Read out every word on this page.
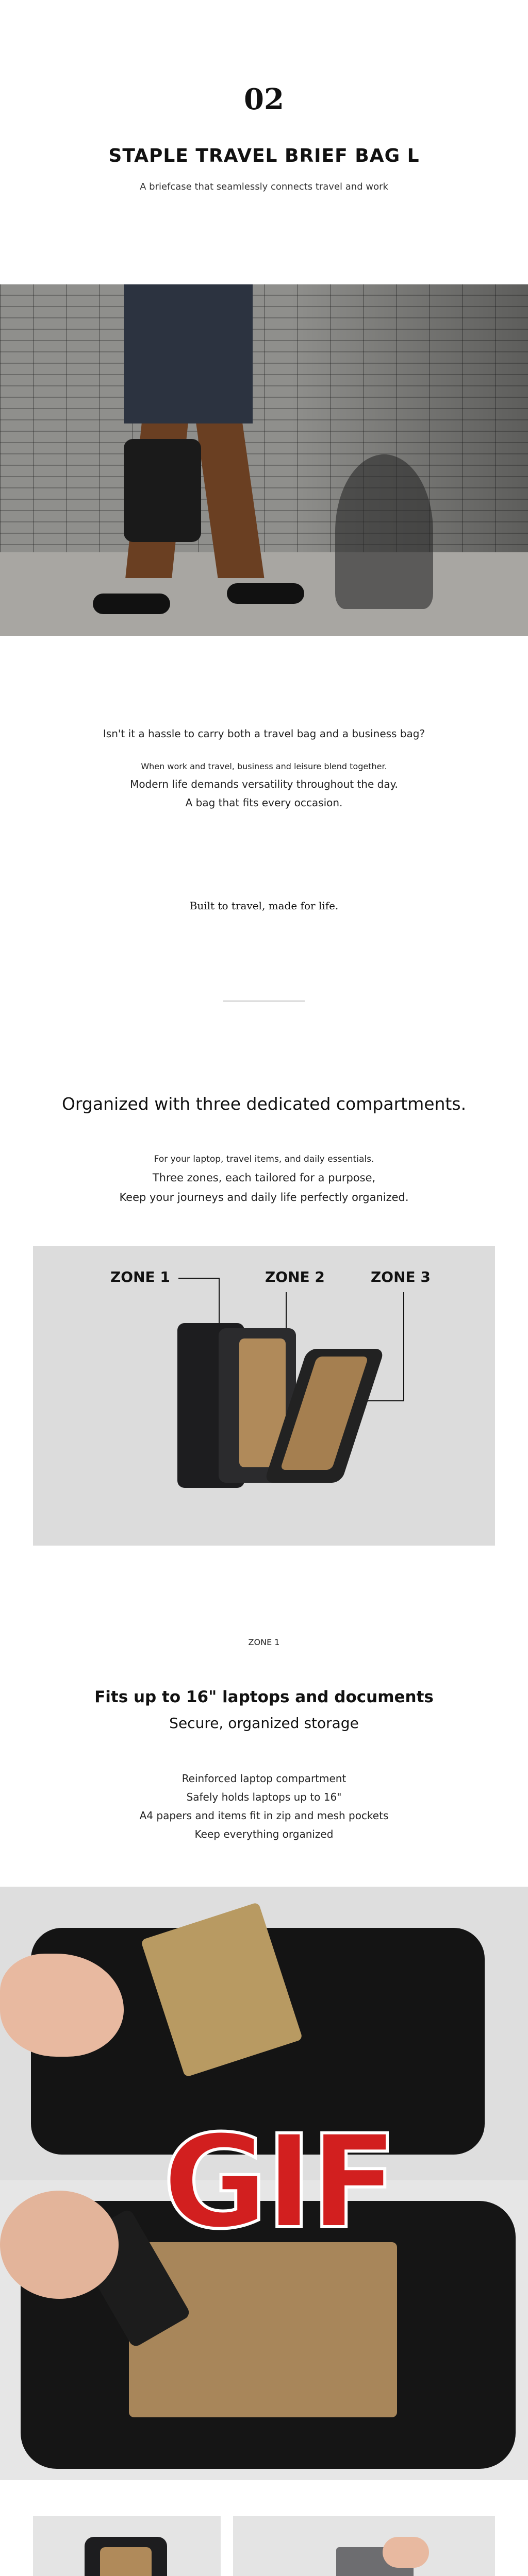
02
STAPLE TRAVEL BRIEF BAG L
A briefcase that seamlessly connects travel and work
Isn't it a hassle to carry both a travel bag and a business bag?
When work and travel, business and leisure blend together.
Modern life demands versatility throughout the day.
A bag that fits every occasion.
Built to travel, made for life.
Organized with three dedicated compartments.
For your laptop, travel items, and daily essentials.
Three zones, each tailored for a purpose,
Keep your journeys and daily life perfectly organized.
ZONE 1	ZONE 2	ZONE 3
ZONE 1
Fits up to 16" laptops and documents
Secure, organized storage
Reinforced laptop compartment
Safely holds laptops up to 16"
A4 papers and items fit in zip and mesh pockets
Keep everything organized
GIF
